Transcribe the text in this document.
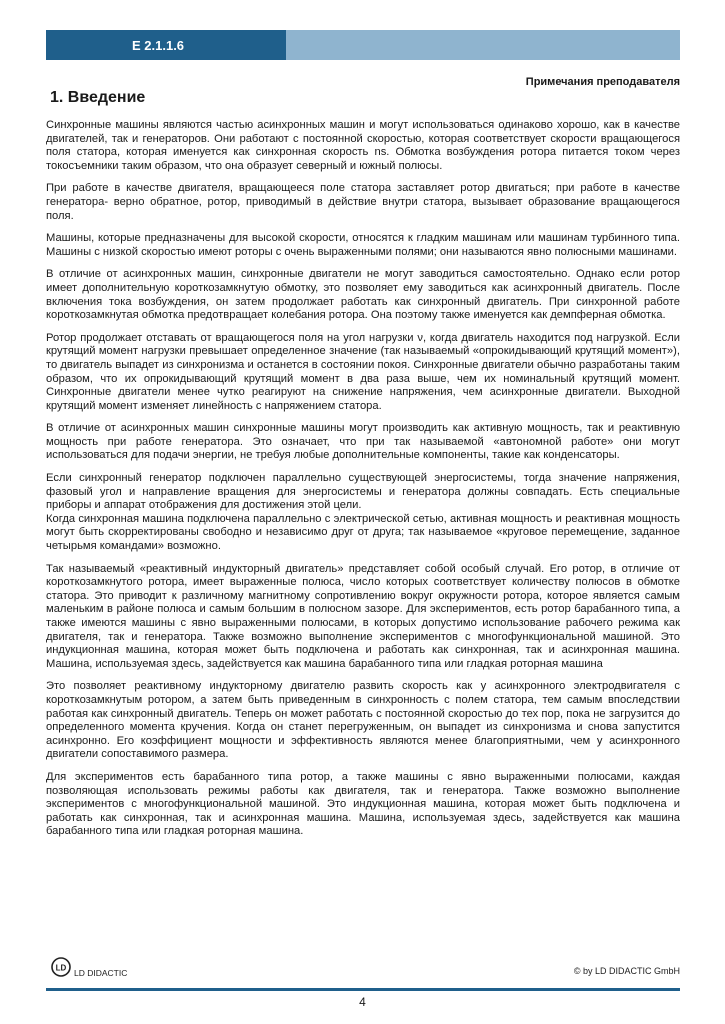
E 2.1.1.6
Примечания преподавателя
1. Введение

Синхронные машины являются частью асинхронных машин и могут использоваться одинаково хорошо, как в качестве двигателей, так и генераторов. Они работают с постоянной скоростью, которая соответствует скорости вращающегося поля статора, которая именуется как синхронная скорость ns. Обмотка возбуждения ротора питается током через токосъемники таким образом, что она образует северный и южный полюсы.

При работе в качестве двигателя, вращающееся поле статора заставляет ротор двигаться; при работе в качестве генератора- верно обратное, ротор, приводимый в действие внутри статора, вызывает образование вращающегося поля.

Машины, которые предназначены для высокой скорости, относятся к гладким машинам или машинам турбинного типа. Машины с низкой скоростью имеют роторы с очень выраженными полями; они называются явно полюсными машинами.

В отличие от асинхронных машин, синхронные двигатели не могут заводиться самостоятельно. Однако если ротор имеет дополнительную короткозамкнутую обмотку, это позволяет ему заводиться как асинхронный двигатель. После включения тока возбуждения, он затем продолжает работать как синхронный двигатель. При синхронной работе короткозамкнутая обмотка предотвращает колебания ротора. Она поэтому также именуется как демпферная обмотка.

Ротор продолжает отставать от вращающегося поля на угол нагрузки ν, когда двигатель находится под нагрузкой. Если крутящий момент нагрузки превышает определенное значение (так называемый «опрокидывающий крутящий момент»), то двигатель выпадет из синхронизма и останется в состоянии покоя. Синхронные двигатели обычно разработаны таким образом, что их опрокидывающий крутящий момент в два раза выше, чем их номинальный крутящий момент. Синхронные двигатели менее чутко реагируют на снижение напряжения, чем асинхронные двигатели. Выходной крутящий момент изменяет линейность с напряжением статора.

В отличие от асинхронных машин синхронные машины могут производить как активную мощность, так и реактивную мощность при работе генератора. Это означает, что при так называемой «автономной работе» они могут использоваться для подачи энергии, не требуя любые дополнительные компоненты, такие как конденсаторы.

Если синхронный генератор подключен параллельно существующей энергосистемы, тогда значение напряжения, фазовый угол и направление вращения для энергосистемы и генератора должны совпадать. Есть специальные приборы и аппарат отображения для достижения этой цели.

Когда синхронная машина подключена параллельно с электрической сетью, активная мощность и реактивная мощность могут быть скорректированы свободно и независимо друг от друга; так называемое «круговое перемещение, заданное четырьмя командами» возможно.

Так называемый «реактивный индукторный двигатель» представляет собой особый случай. Его ротор, в отличие от короткозамкнутого ротора, имеет выраженные полюса, число которых соответствует количеству полюсов в обмотке статора. Это приводит к различному магнитному сопротивлению вокруг окружности ротора, которое является самым маленьким в районе полюса и самым большим в полюсном зазоре. Для экспериментов, есть ротор барабанного типа, а также имеются машины с явно выраженными полюсами, в которых допустимо использование рабочего режима как двигателя, так и генератора. Также возможно выполнение экспериментов с многофункциональной машиной. Это индукционная машина, которая может быть подключена и работать как синхронная, так и асинхронная машина. Машина, используемая здесь, задействуется как машина барабанного типа или гладкая роторная машина

Это позволяет реактивному индукторному двигателю развить скорость как у асинхронного электродвигателя с короткозамкнутым ротором, а затем быть приведенным в синхронность с полем статора, тем самым впоследствии работая как синхронный двигатель. Теперь он может работать с постоянной скоростью до тех пор, пока не загрузится до определенного момента кручения. Когда он станет перегруженным, он выпадет из синхронизма и снова запустится асинхронно. Его коэффициент мощности и эффективность являются менее благоприятными, чем у асинхронного двигатели сопоставимого размера.

Для экспериментов есть барабанного типа ротор, а также машины с явно выраженными полюсами, каждая позволяющая использовать режимы работы как двигателя, так и генератора. Также возможно выполнение экспериментов с многофункциональной машиной. Это индукционная машина, которая может быть подключена и работать как синхронная, так и асинхронная машина. Машина, используемая здесь, задействуется как машина барабанного типа или гладкая роторная машина.

LD LD DIDACTIC	© by LD DIDACTIC GmbH
4
